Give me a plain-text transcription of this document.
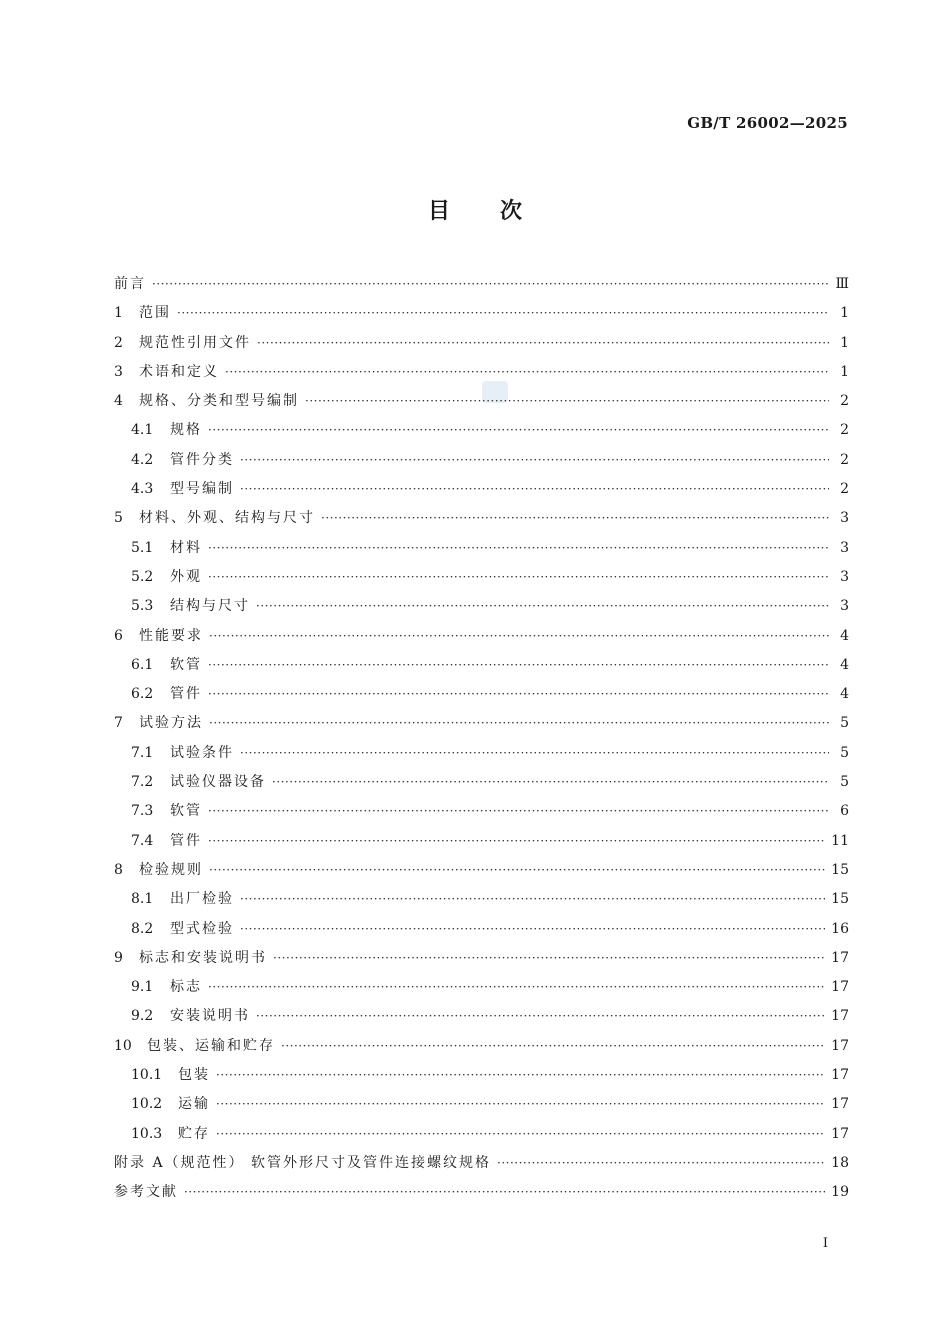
GB/T 26002—2025
目 次
前言 ·····	Ⅲ
1	范围 ·····	1
2	规范性引用文件 ·····	1
3	术语和定义 ·····	1
4	规格、分类和型号编制 ·····	2
4.1	规格 ·····	2
4.2	管件分类 ·····	2
4.3	型号编制 ·····	2
5	材料、外观、结构与尺寸 ·····	3
5.1	材料 ·····	3
5.2	外观 ·····	3
5.3	结构与尺寸 ·····	3
6	性能要求 ·····	4
6.1	软管 ·····	4
6.2	管件 ·····	4
7	试验方法 ·····	5
7.1	试验条件 ·····	5
7.2	试验仪器设备 ·····	5
7.3	软管 ·····	6
7.4	管件 ·····	11
8	检验规则 ·····	15
8.1	出厂检验 ·····	15
8.2	型式检验 ·····	16
9	标志和安装说明书 ·····	17
9.1	标志 ·····	17
9.2	安装说明书 ·····	17
10	包装、运输和贮存 ·····	17
10.1	包装 ·····	17
10.2	运输 ·····	17
10.3	贮存 ·····	17
附录 A（规范性） 软管外形尺寸及管件连接螺纹规格 ·····	18
参考文献 ·····	19
I
